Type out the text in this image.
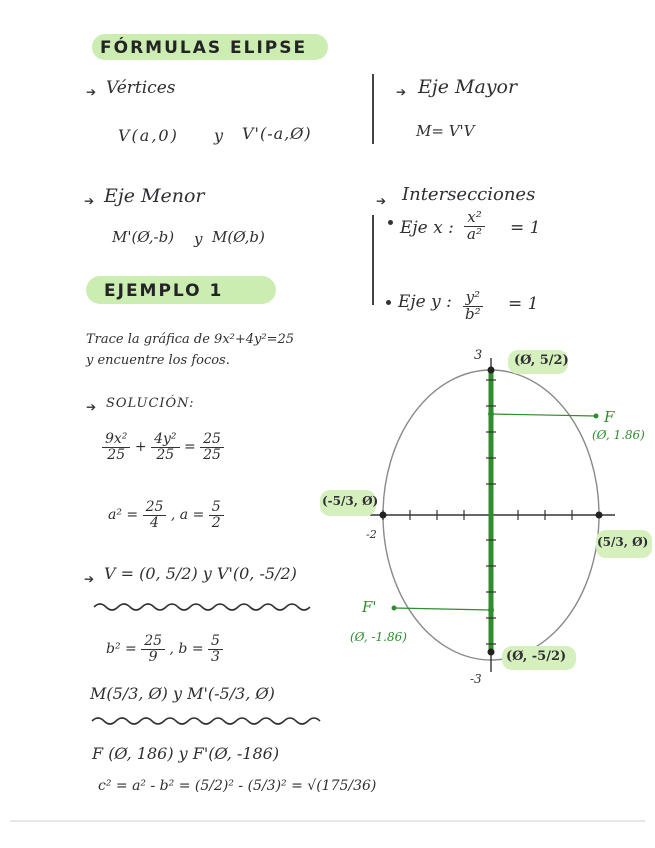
FÓRMULAS ELIPSE
➔ Vértices
V(a,0) y V'(-a,Ø)
➔ Eje Mayor
M= V'V
➔ Eje Menor
M'(Ø,-b) y M(Ø,b)
➔ Intersecciones
Eje x : $\frac{\text{x²}}{\text{a²}} = 1$
Eje y : $\frac{\text{y²}}{\text{b²}} = 1$
EJEMPLO 1
Trace la gráfica de 9x²+4y²=25
y encuentre los focos.
➔ SOLUCIÓN:
$\frac{\text{9x²}}{25} + \frac{\text{4y²}}{25} = \frac{25}{25}$
$a^2 = \frac{25}{4}$ , $a = \frac{5}{2}$
➔ V = (0, 5/2) y V'(0, -5/2)
$b^2 = \frac{25}{9}$ , $b = \frac{5}{3}$
M(5/3, Ø) y M'(-5/3, Ø)
F (Ø, 186) y F'(Ø, -186)
c² = a² - b² = (5/2)² - (5/3)² = √(175/36)
(Ø, 5/2)
3
(Ø, -5/2)
-3
(-5/3, Ø)
-2
(5/3, Ø)
F
(Ø, 1.86)
F'
(Ø, -1.86)
